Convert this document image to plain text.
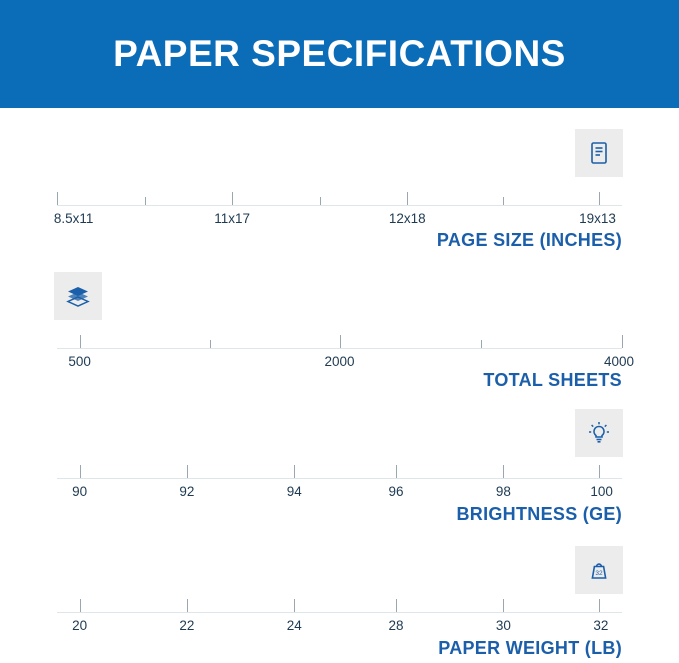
PAPER SPECIFICATIONS
8.5x11	11x17	12x18	19x13
PAGE SIZE (INCHES)
500	2000	4000
TOTAL SHEETS
90	92	94	96	98	100
BRIGHTNESS (GE)
32
20	22	24	28	30	32
PAPER WEIGHT (LB)
